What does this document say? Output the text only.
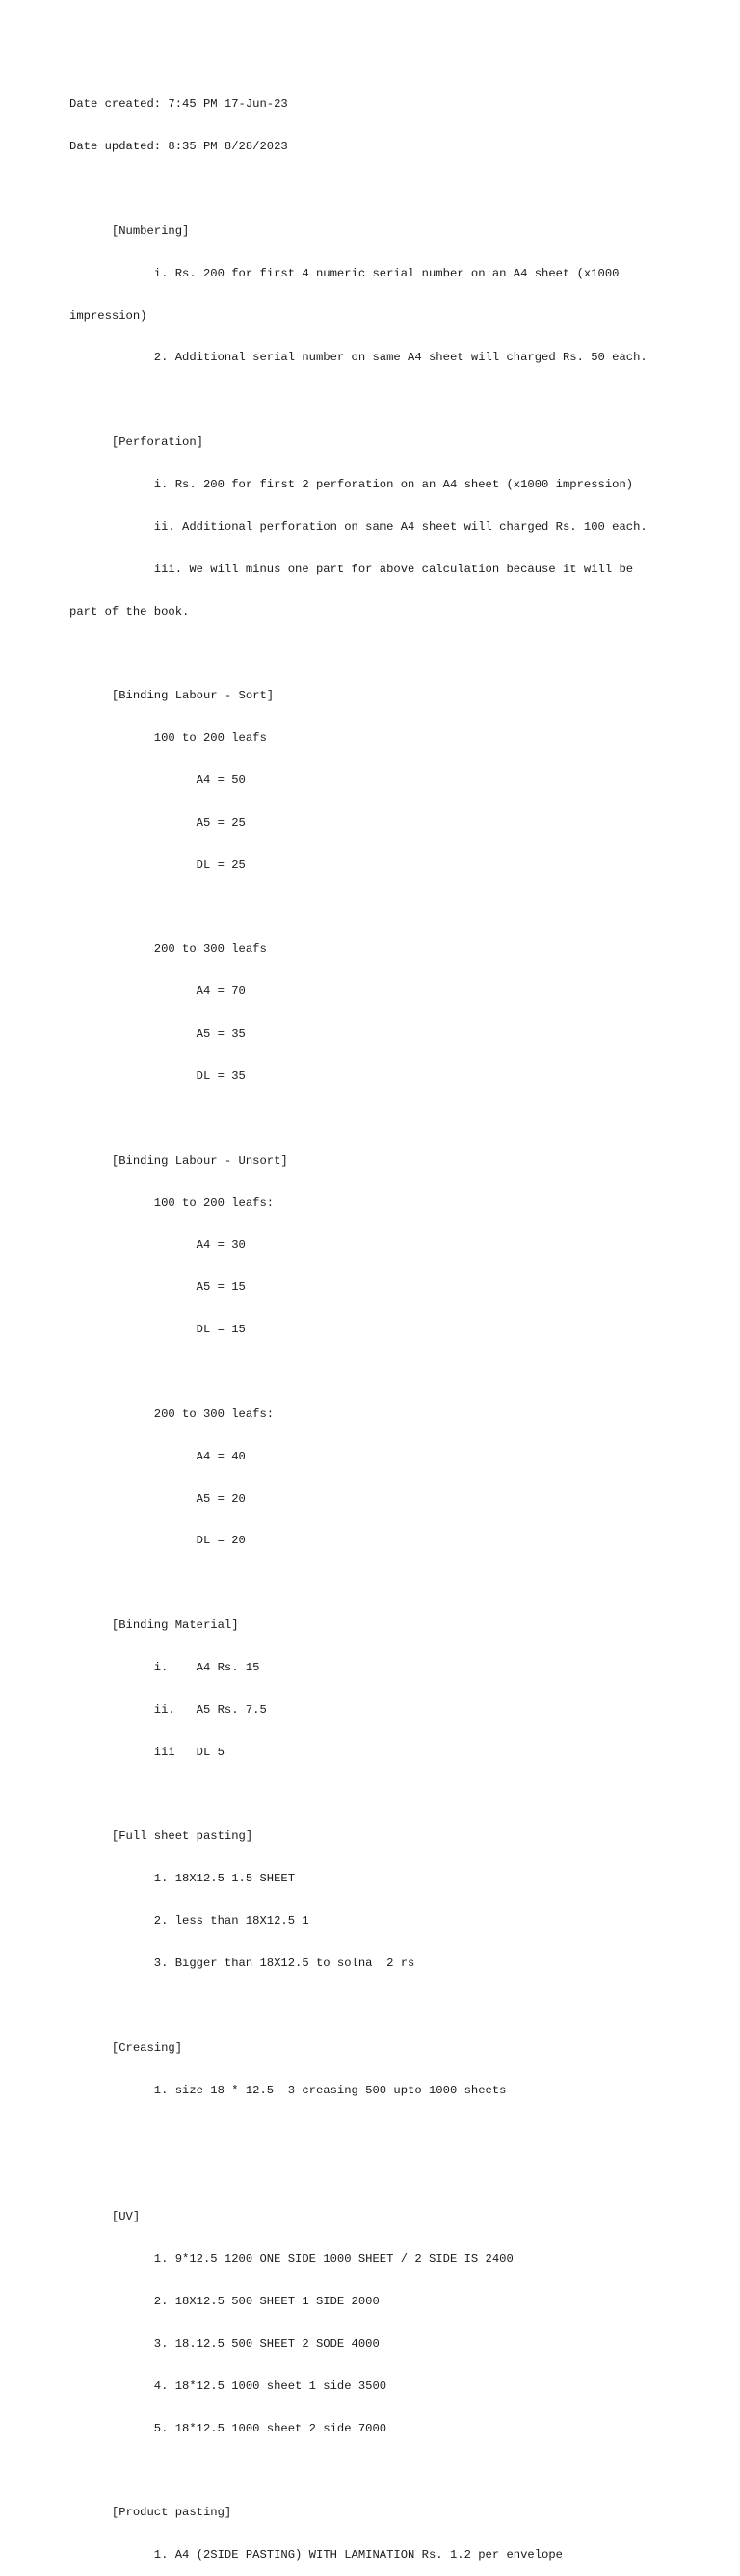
Date created: 7:45 PM 17-Jun-23

Date updated: 8:35 PM 8/28/2023

[Numbering]

i. Rs. 200 for first 4 numeric serial number on an A4 sheet (x1000

impression)

2. Additional serial number on same A4 sheet will charged Rs. 50 each.

[Perforation]

i. Rs. 200 for first 2 perforation on an A4 sheet (x1000 impression)

ii. Additional perforation on same A4 sheet will charged Rs. 100 each.

iii. We will minus one part for above calculation because it will be

part of the book.

[Binding Labour - Sort]

100 to 200 leafs

A4 = 50

A5 = 25

DL = 25

200 to 300 leafs

A4 = 70

A5 = 35

DL = 35

[Binding Labour - Unsort]

100 to 200 leafs:

A4 = 30

A5 = 15

DL = 15

200 to 300 leafs:

A4 = 40

A5 = 20

DL = 20

[Binding Material]

i.    A4 Rs. 15

ii.   A5 Rs. 7.5

iii   DL 5

[Full sheet pasting]

1. 18X12.5 1.5 SHEET

2. less than 18X12.5 1

3. Bigger than 18X12.5 to solna  2 rs

[Creasing]

1. size 18 * 12.5  3 creasing 500 upto 1000 sheets

[UV]

1. 9*12.5 1200 ONE SIDE 1000 SHEET / 2 SIDE IS 2400

2. 18X12.5 500 SHEET 1 SIDE 2000

3. 18.12.5 500 SHEET 2 SODE 4000

4. 18*12.5 1000 sheet 1 side 3500

5. 18*12.5 1000 sheet 2 side 7000

[Product pasting]

1. A4 (2SIDE PASTING) WITH LAMINATION Rs. 1.2 per envelope
